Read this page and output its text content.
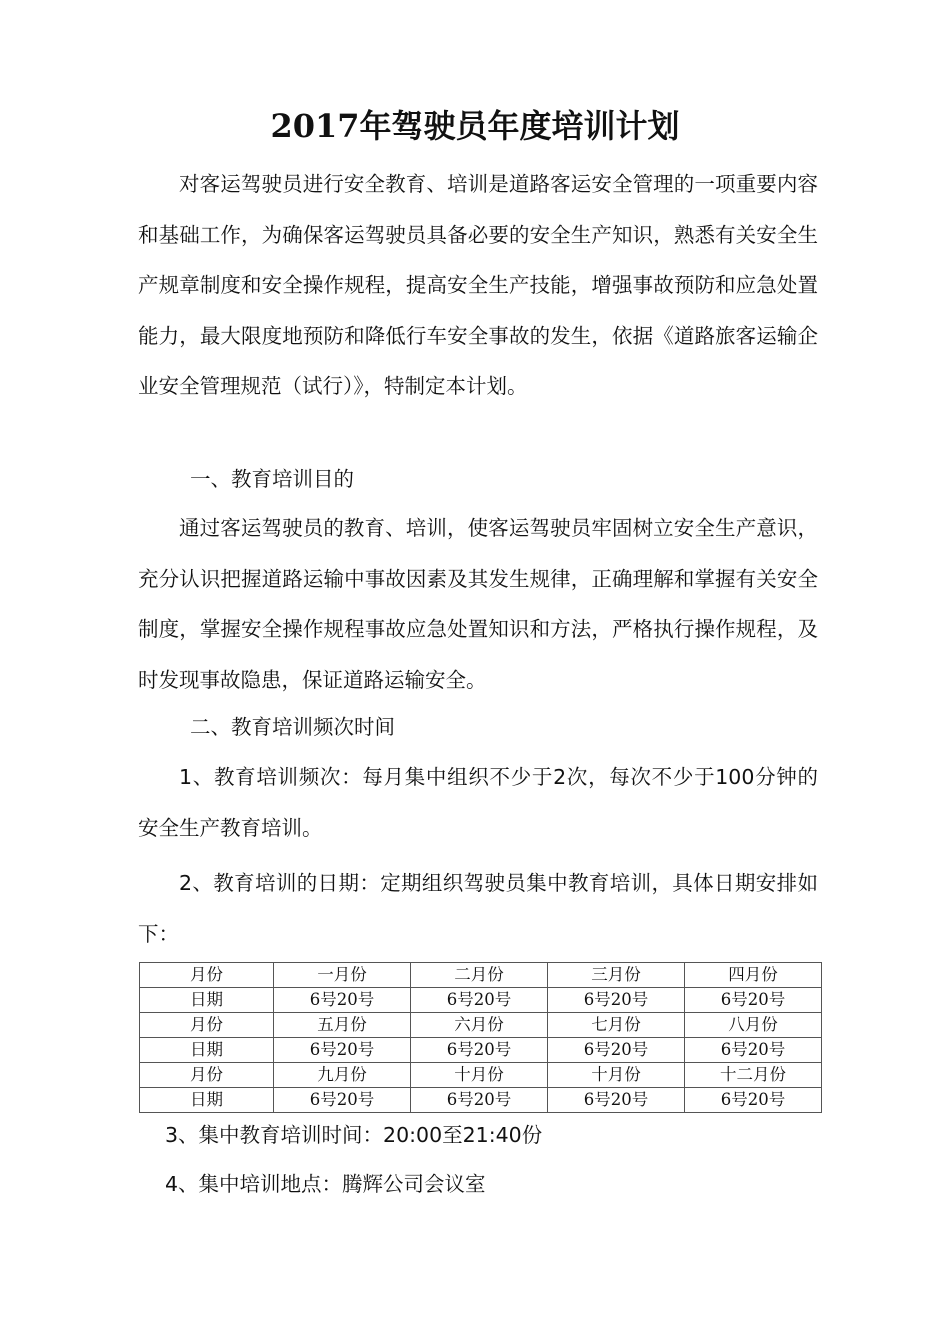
2017年驾驶员年度培训计划

对客运驾驶员进行安全教育、培训是道路客运安全管理的一项重要内容和基础工作，为确保客运驾驶员具备必要的安全生产知识，熟悉有关安全生产规章制度和安全操作规程，提高安全生产技能，增强事故预防和应急处置能力，最大限度地预防和降低行车安全事故的发生，依据《道路旅客运输企业安全管理规范（试行）》，特制定本计划。

一、教育培训目的

通过客运驾驶员的教育、培训，使客运驾驶员牢固树立安全生产意识，充分认识把握道路运输中事故因素及其发生规律，正确理解和掌握有关安全制度，掌握安全操作规程事故应急处置知识和方法，严格执行操作规程，及时发现事故隐患，保证道路运输安全。

二、教育培训频次时间

1、教育培训频次：每月集中组织不少于2次，每次不少于100分钟的安全生产教育培训。

2、教育培训的日期：定期组织驾驶员集中教育培训，具体日期安排如下：

月份	一月份	二月份	三月份	四月份
日期	6号20号	6号20号	6号20号	6号20号
月份	五月份	六月份	七月份	八月份
日期	6号20号	6号20号	6号20号	6号20号
月份	九月份	十月份	十月份	十二月份
日期	6号20号	6号20号	6号20号	6号20号
3、集中教育培训时间：20:00至21:40份
4、集中培训地点：腾辉公司会议室
